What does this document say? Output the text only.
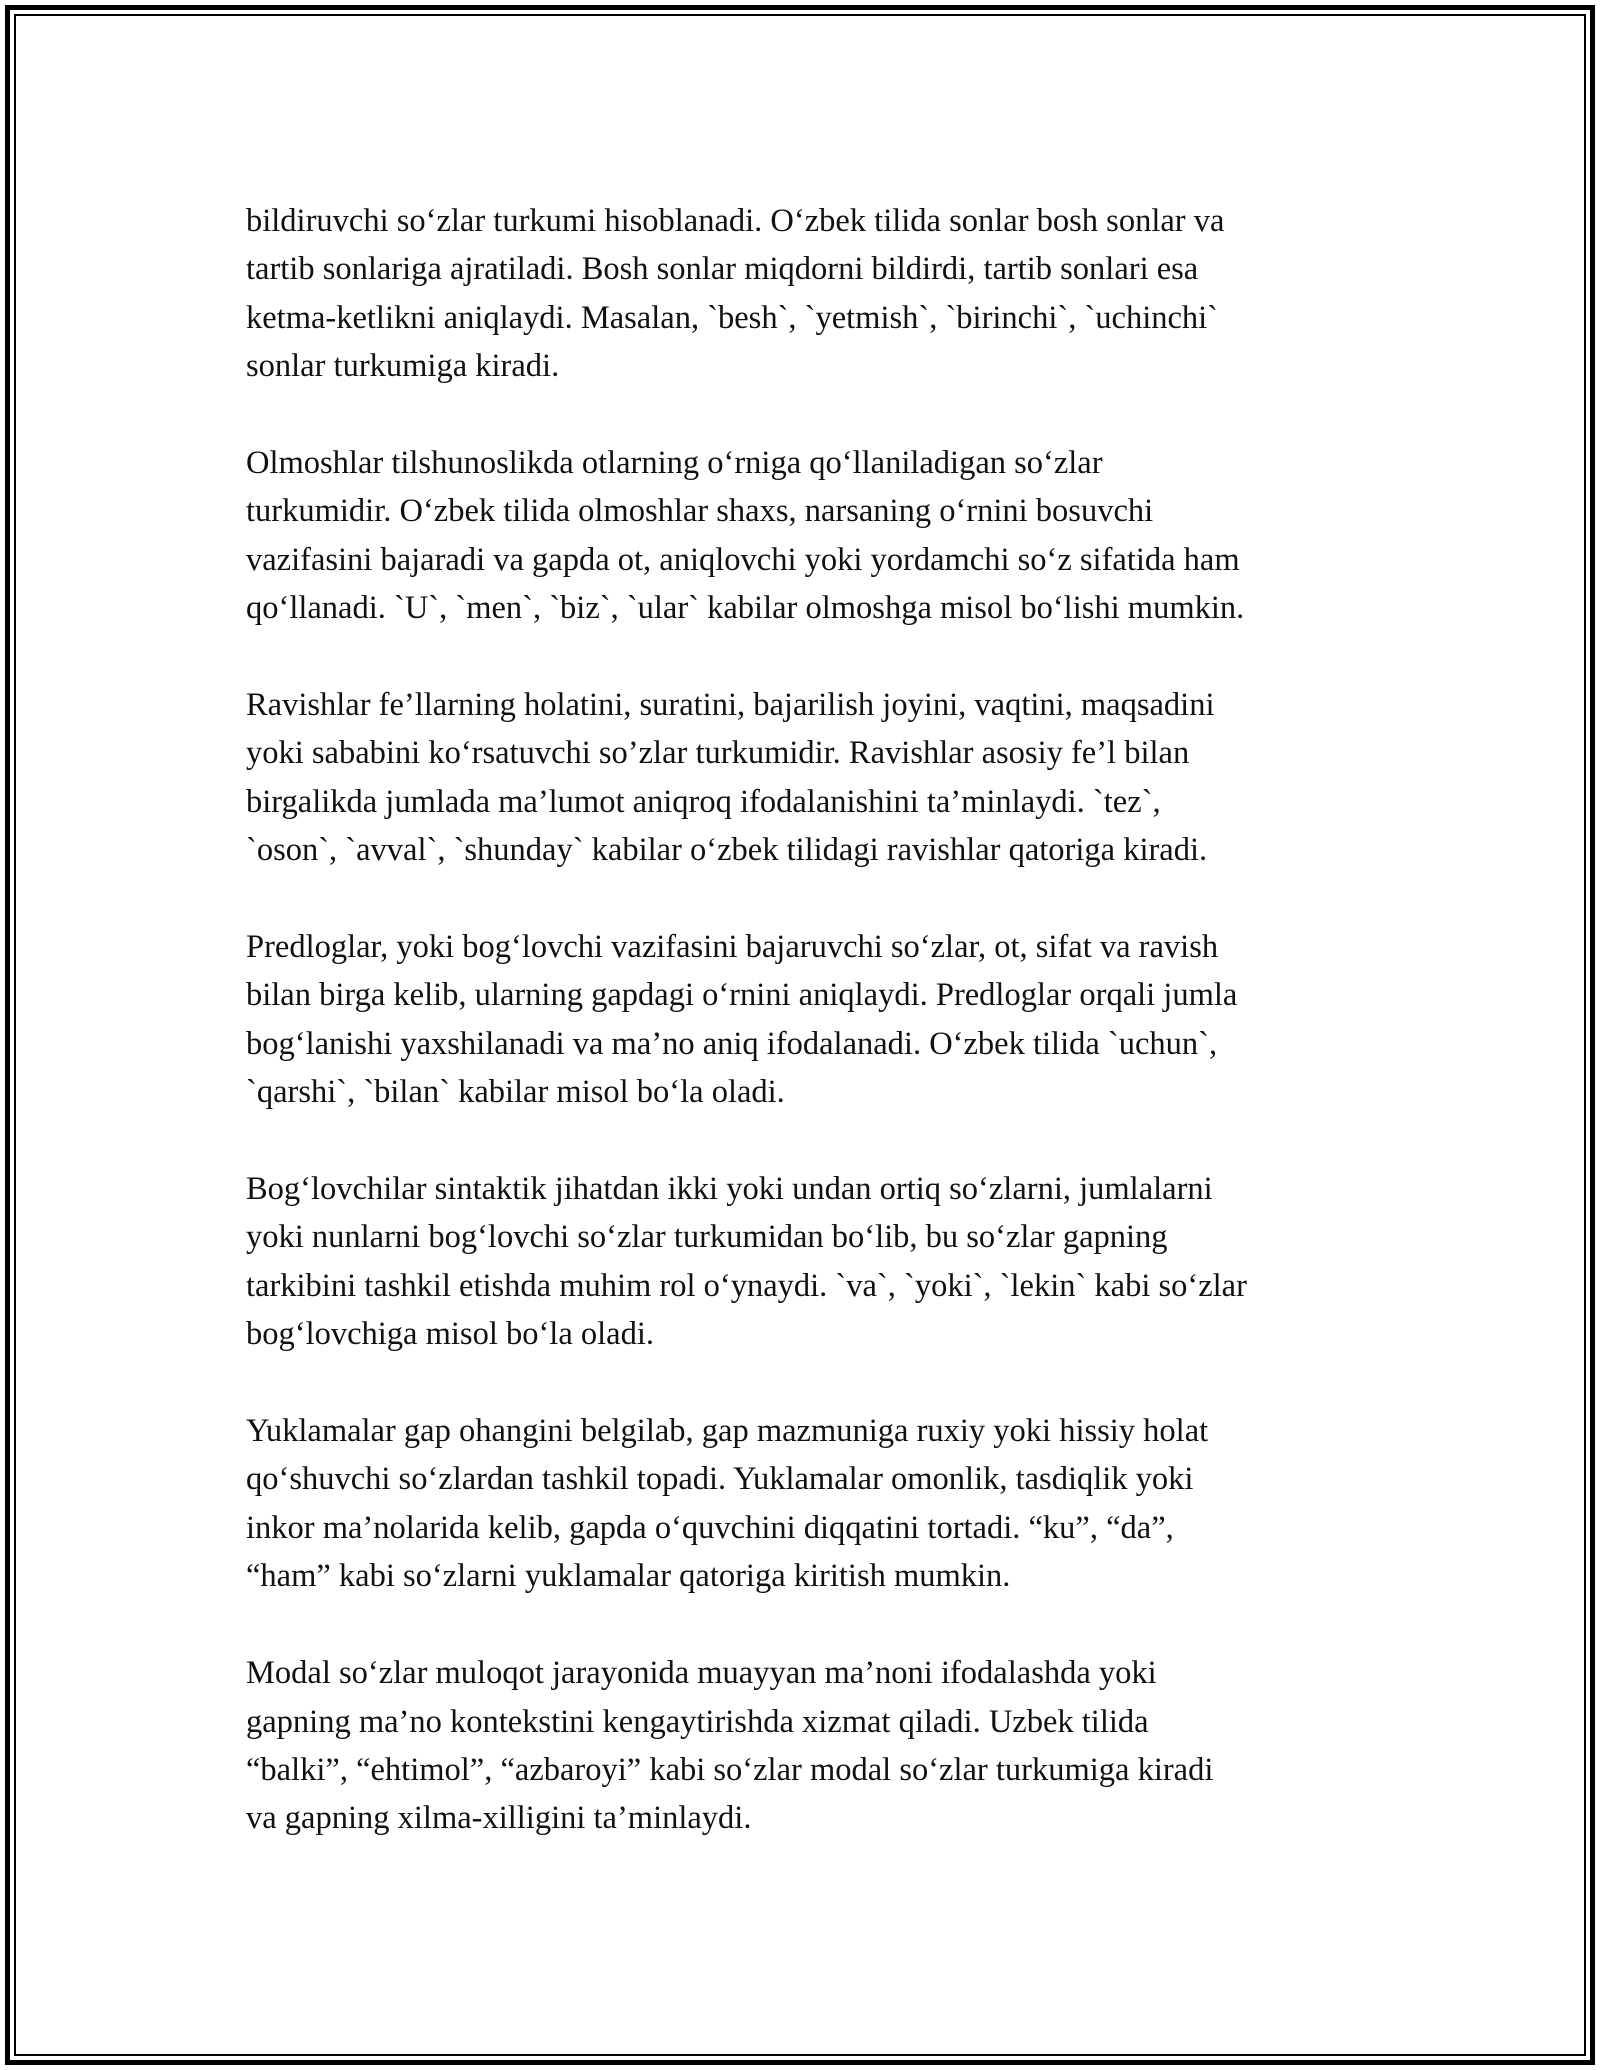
bildiruvchi so‘zlar turkumi hisoblanadi. O‘zbek tilida sonlar bosh sonlar va
tartib sonlariga ajratiladi. Bosh sonlar miqdorni bildirdi, tartib sonlari esa
ketma-ketlikni aniqlaydi. Masalan, `besh`, `yetmish`, `birinchi`, `uchinchi`
sonlar turkumiga kiradi.

Olmoshlar tilshunoslikda otlarning o‘rniga qo‘llaniladigan so‘zlar
turkumidir. O‘zbek tilida olmoshlar shaxs, narsaning o‘rnini bosuvchi
vazifasini bajaradi va gapda ot, aniqlovchi yoki yordamchi so‘z sifatida ham
qo‘llanadi. `U`, `men`, `biz`, `ular` kabilar olmoshga misol bo‘lishi mumkin.

Ravishlar fe’llarning holatini, suratini, bajarilish joyini, vaqtini, maqsadini
yoki sababini ko‘rsatuvchi so’zlar turkumidir. Ravishlar asosiy fe’l bilan
birgalikda jumlada ma’lumot aniqroq ifodalanishini ta’minlaydi. `tez`,
`oson`, `avval`, `shunday` kabilar o‘zbek tilidagi ravishlar qatoriga kiradi.

Predloglar, yoki bog‘lovchi vazifasini bajaruvchi so‘zlar, ot, sifat va ravish
bilan birga kelib, ularning gapdagi o‘rnini aniqlaydi. Predloglar orqali jumla
bog‘lanishi yaxshilanadi va ma’no aniq ifodalanadi. O‘zbek tilida `uchun`,
`qarshi`, `bilan` kabilar misol bo‘la oladi.

Bog‘lovchilar sintaktik jihatdan ikki yoki undan ortiq so‘zlarni, jumlalarni
yoki nunlarni bog‘lovchi so‘zlar turkumidan bo‘lib, bu so‘zlar gapning
tarkibini tashkil etishda muhim rol o‘ynaydi. `va`, `yoki`, `lekin` kabi so‘zlar
bog‘lovchiga misol bo‘la oladi.

Yuklamalar gap ohangini belgilab, gap mazmuniga ruxiy yoki hissiy holat
qo‘shuvchi so‘zlardan tashkil topadi. Yuklamalar omonlik, tasdiqlik yoki
inkor ma’nolarida kelib, gapda o‘quvchini diqqatini tortadi. “ku”, “da”,
“ham” kabi so‘zlarni yuklamalar qatoriga kiritish mumkin.

Modal so‘zlar muloqot jarayonida muayyan ma’noni ifodalashda yoki
gapning ma’no kontekstini kengaytirishda xizmat qiladi. Uzbek tilida
“balki”, “ehtimol”, “azbaroyi” kabi so‘zlar modal so‘zlar turkumiga kiradi
va gapning xilma-xilligini ta’minlaydi.
